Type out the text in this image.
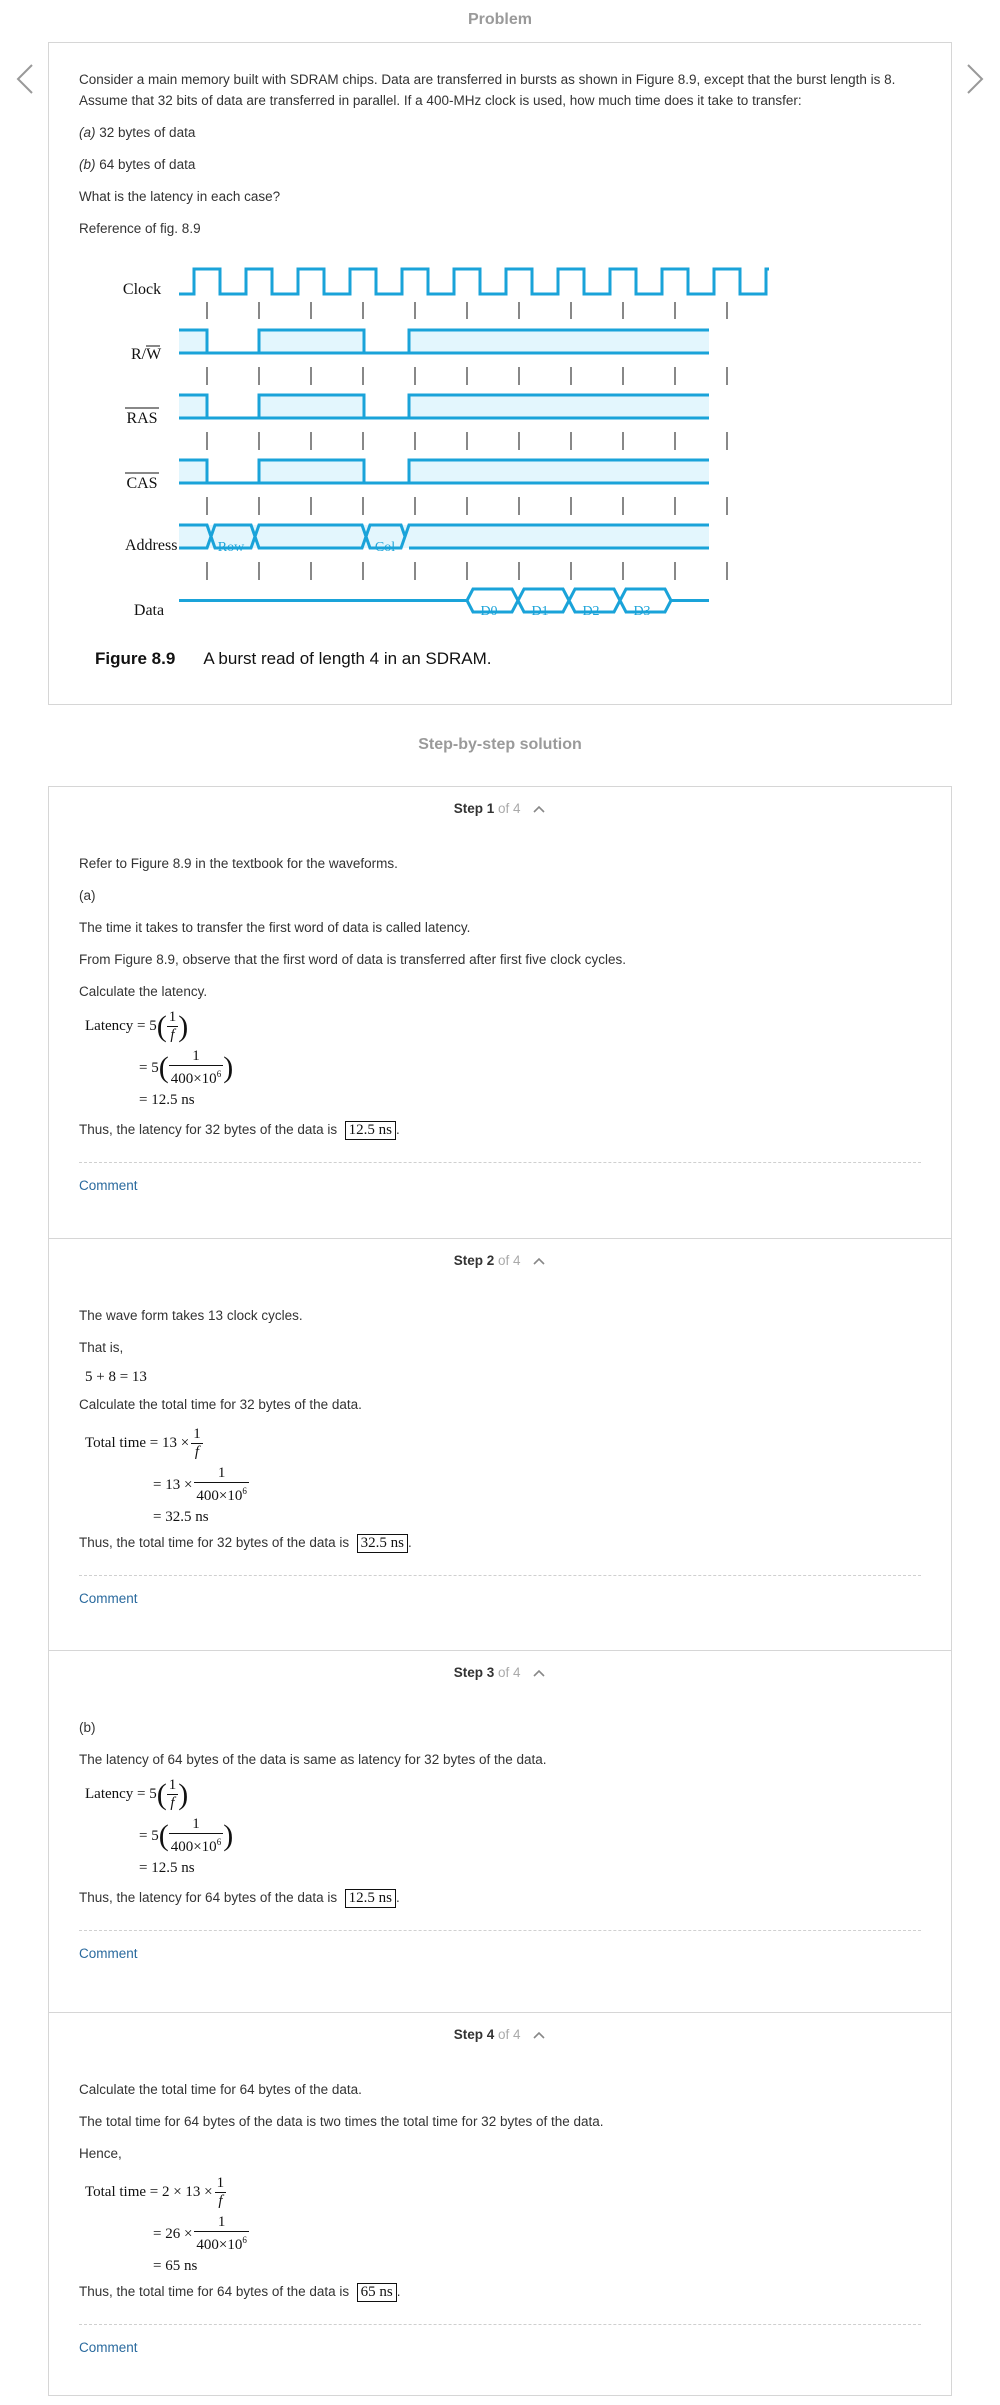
Problem

Consider a main memory built with SDRAM chips. Data are transferred in bursts as shown in Figure 8.9, except that the burst length is 8. Assume that 32 bits of data are transferred in parallel. If a 400-MHz clock is used, how much time does it take to transfer:

(a) 32 bytes of data

(b) 64 bytes of data

What is the latency in each case?

Reference of fig. 8.9

Clock
R/W
RAS
CAS
Address
Data
Row	Col
D0 D1 D2 D3
Figure 8.9 A burst read of length 4 in an SDRAM.
Step-by-step solution
Step 1 of 4

Refer to Figure 8.9 in the textbook for the waveforms.

(a)

The time it takes to transfer the first word of data is called latency.

From Figure 8.9, observe that the first word of data is transferred after first five clock cycles.

Calculate the latency.

Latency = 5 ( $\frac{1}{f}$ )
= 5 ( $\frac{1}{400\times 10^6}$ )
= 12.5 ns

Thus, the latency for 32 bytes of the data is 12.5 ns .

Comment
Step 2 of 4

The wave form takes 13 clock cycles.

That is,

5 + 8 = 13

Calculate the total time for 32 bytes of the data.

Total time = $13 \times \frac{1}{f}$
= $13 \times \frac{1}{400\times 10^6}$
= 32.5 ns

Thus, the total time for 32 bytes of the data is 32.5 ns .

Comment
Step 3 of 4

(b)

The latency of 64 bytes of the data is same as latency for 32 bytes of the data.

Latency = 5 ( $\frac{1}{f}$ )
= 5 ( $\frac{1}{400\times 10^6}$ )
= 12.5 ns

Thus, the latency for 64 bytes of the data is 12.5 ns .

Comment
Step 4 of 4

Calculate the total time for 64 bytes of the data.

The total time for 64 bytes of the data is two times the total time for 32 bytes of the data.

Hence,

Total time = $2 \times 13 \times \frac{1}{f}$
= $26 \times \frac{1}{400\times 10^6}$
= 65 ns

Thus, the total time for 64 bytes of the data is 65 ns .

Comment
